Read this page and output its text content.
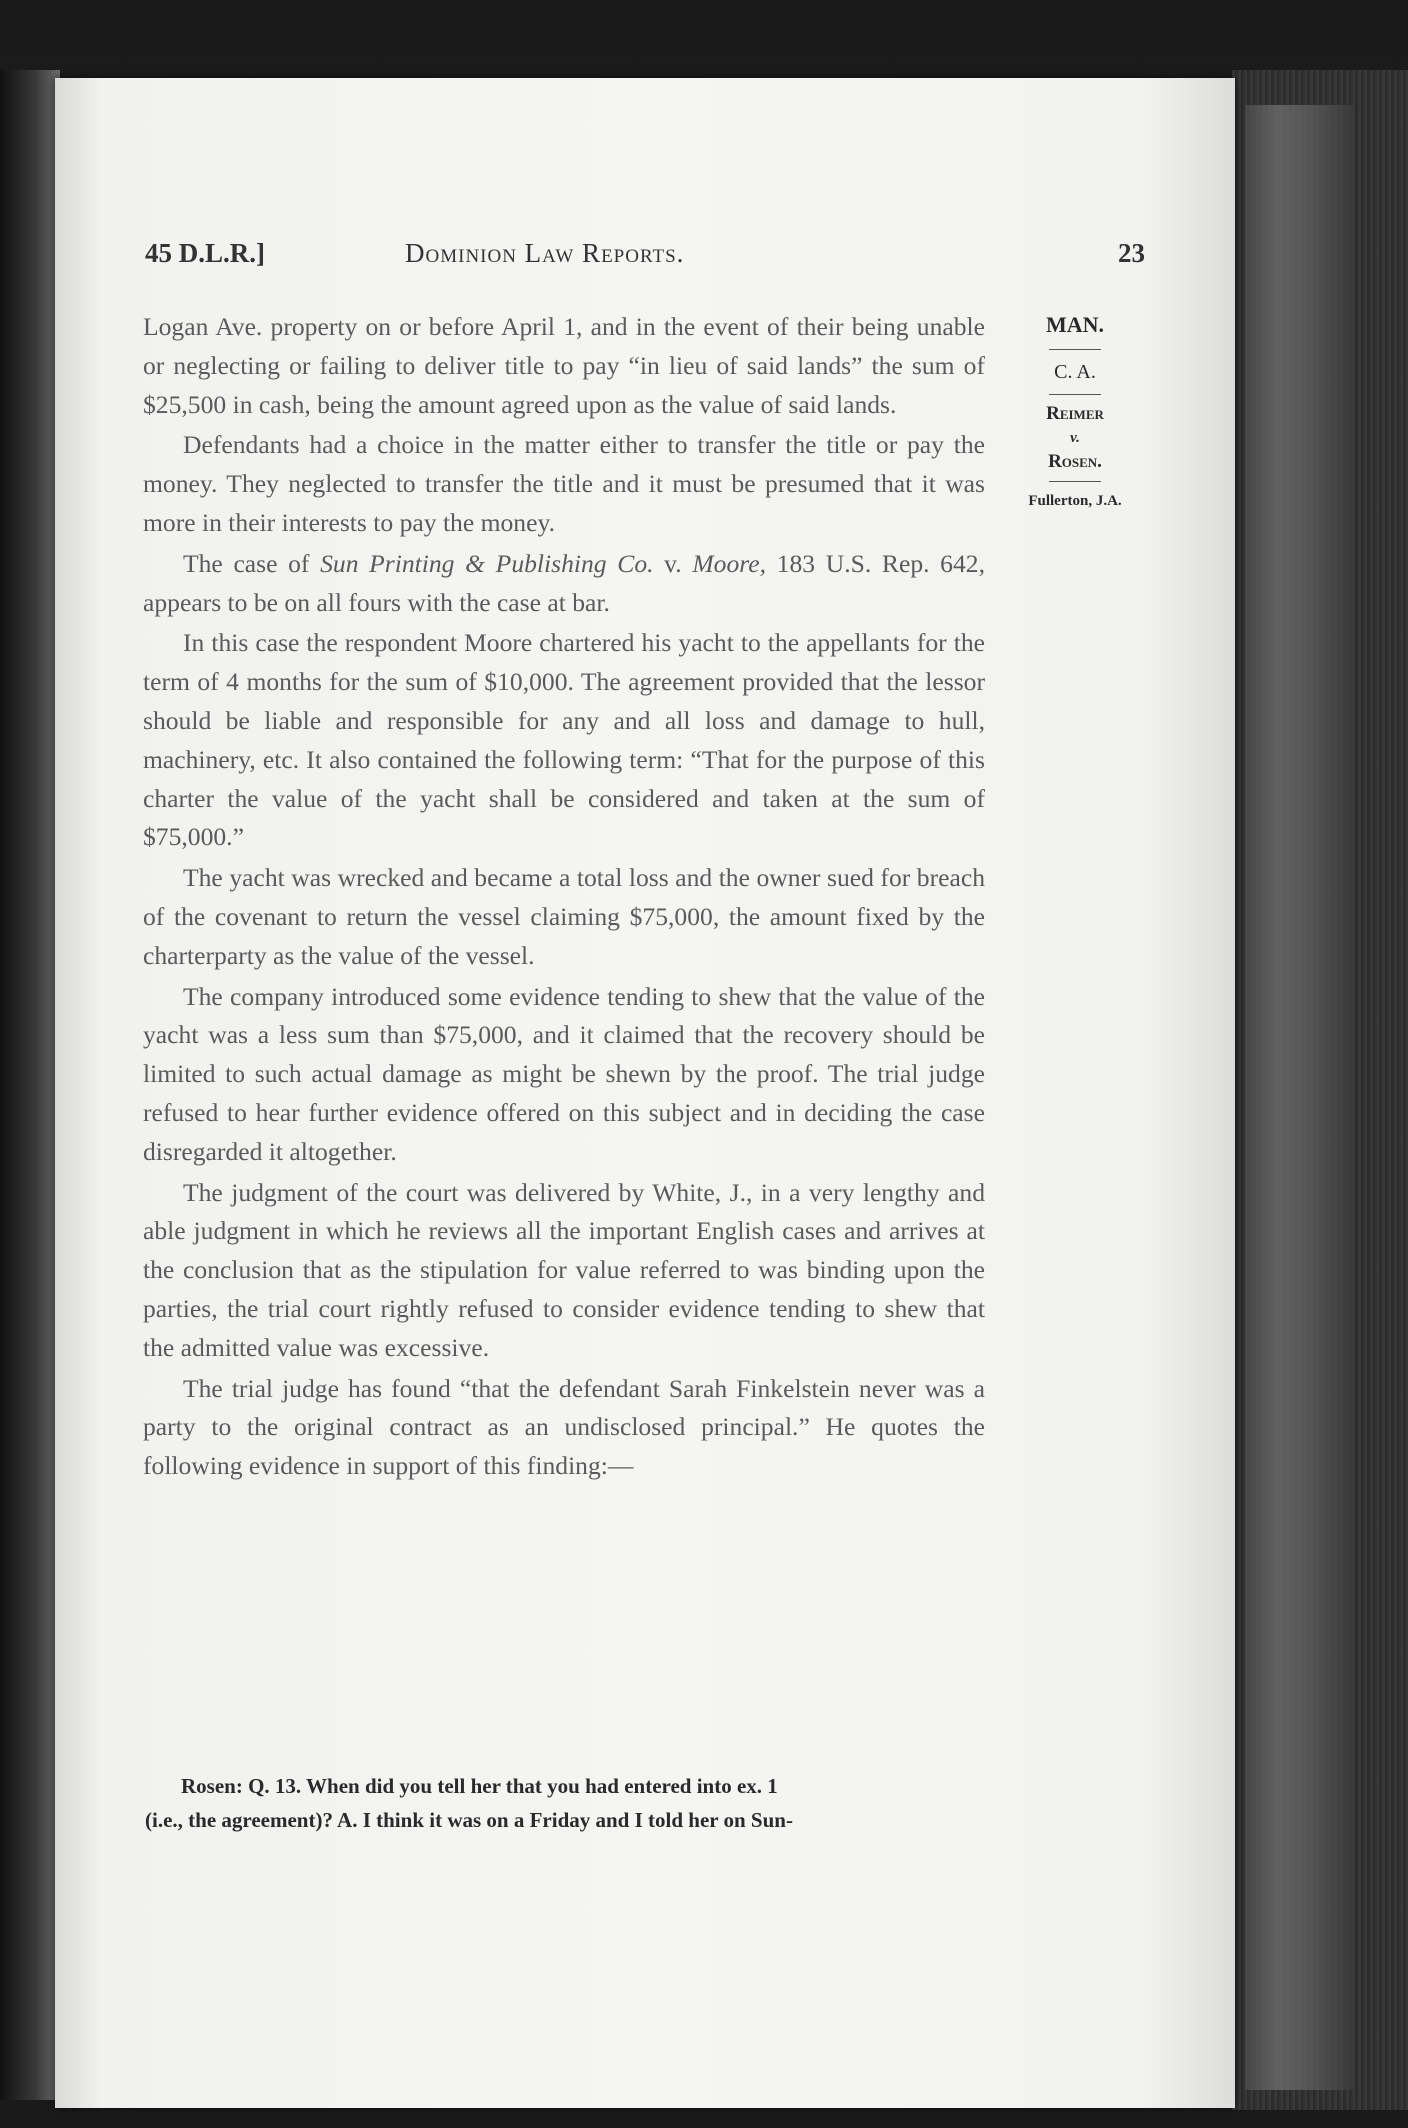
45 D.L.R.]	Dominion Law Reports.	23
MAN.
C. A.
Reimer
v.
Rosen.
Fullerton, J.A.

Logan Ave. property on or before April 1, and in the event of their being unable or neglecting or failing to deliver title to pay “in lieu of said lands” the sum of $25,500 in cash, being the amount agreed upon as the value of said lands.

Defendants had a choice in the matter either to transfer the title or pay the money. They neglected to transfer the title and it must be presumed that it was more in their interests to pay the money.

The case of Sun Printing & Publishing Co. v. Moore, 183 U.S. Rep. 642, appears to be on all fours with the case at bar.

In this case the respondent Moore chartered his yacht to the appellants for the term of 4 months for the sum of $10,000. The agreement provided that the lessor should be liable and responsible for any and all loss and damage to hull, machinery, etc. It also contained the following term: “That for the purpose of this charter the value of the yacht shall be considered and taken at the sum of $75,000.”

The yacht was wrecked and became a total loss and the owner sued for breach of the covenant to return the vessel claiming $75,000, the amount fixed by the charterparty as the value of the vessel.

The company introduced some evidence tending to shew that the value of the yacht was a less sum than $75,000, and it claimed that the recovery should be limited to such actual damage as might be shewn by the proof. The trial judge refused to hear further evidence offered on this subject and in deciding the case disregarded it altogether.

The judgment of the court was delivered by White, J., in a very lengthy and able judgment in which he reviews all the important English cases and arrives at the conclusion that as the stipulation for value referred to was binding upon the parties, the trial court rightly refused to consider evidence tending to shew that the admitted value was excessive.

The trial judge has found “that the defendant Sarah Finkelstein never was a party to the original contract as an undisclosed principal.” He quotes the following evidence in support of this finding:—

Rosen: Q. 13. When did you tell her that you had entered into ex. 1
(i.e., the agreement)? A. I think it was on a Friday and I told her on Sun-
